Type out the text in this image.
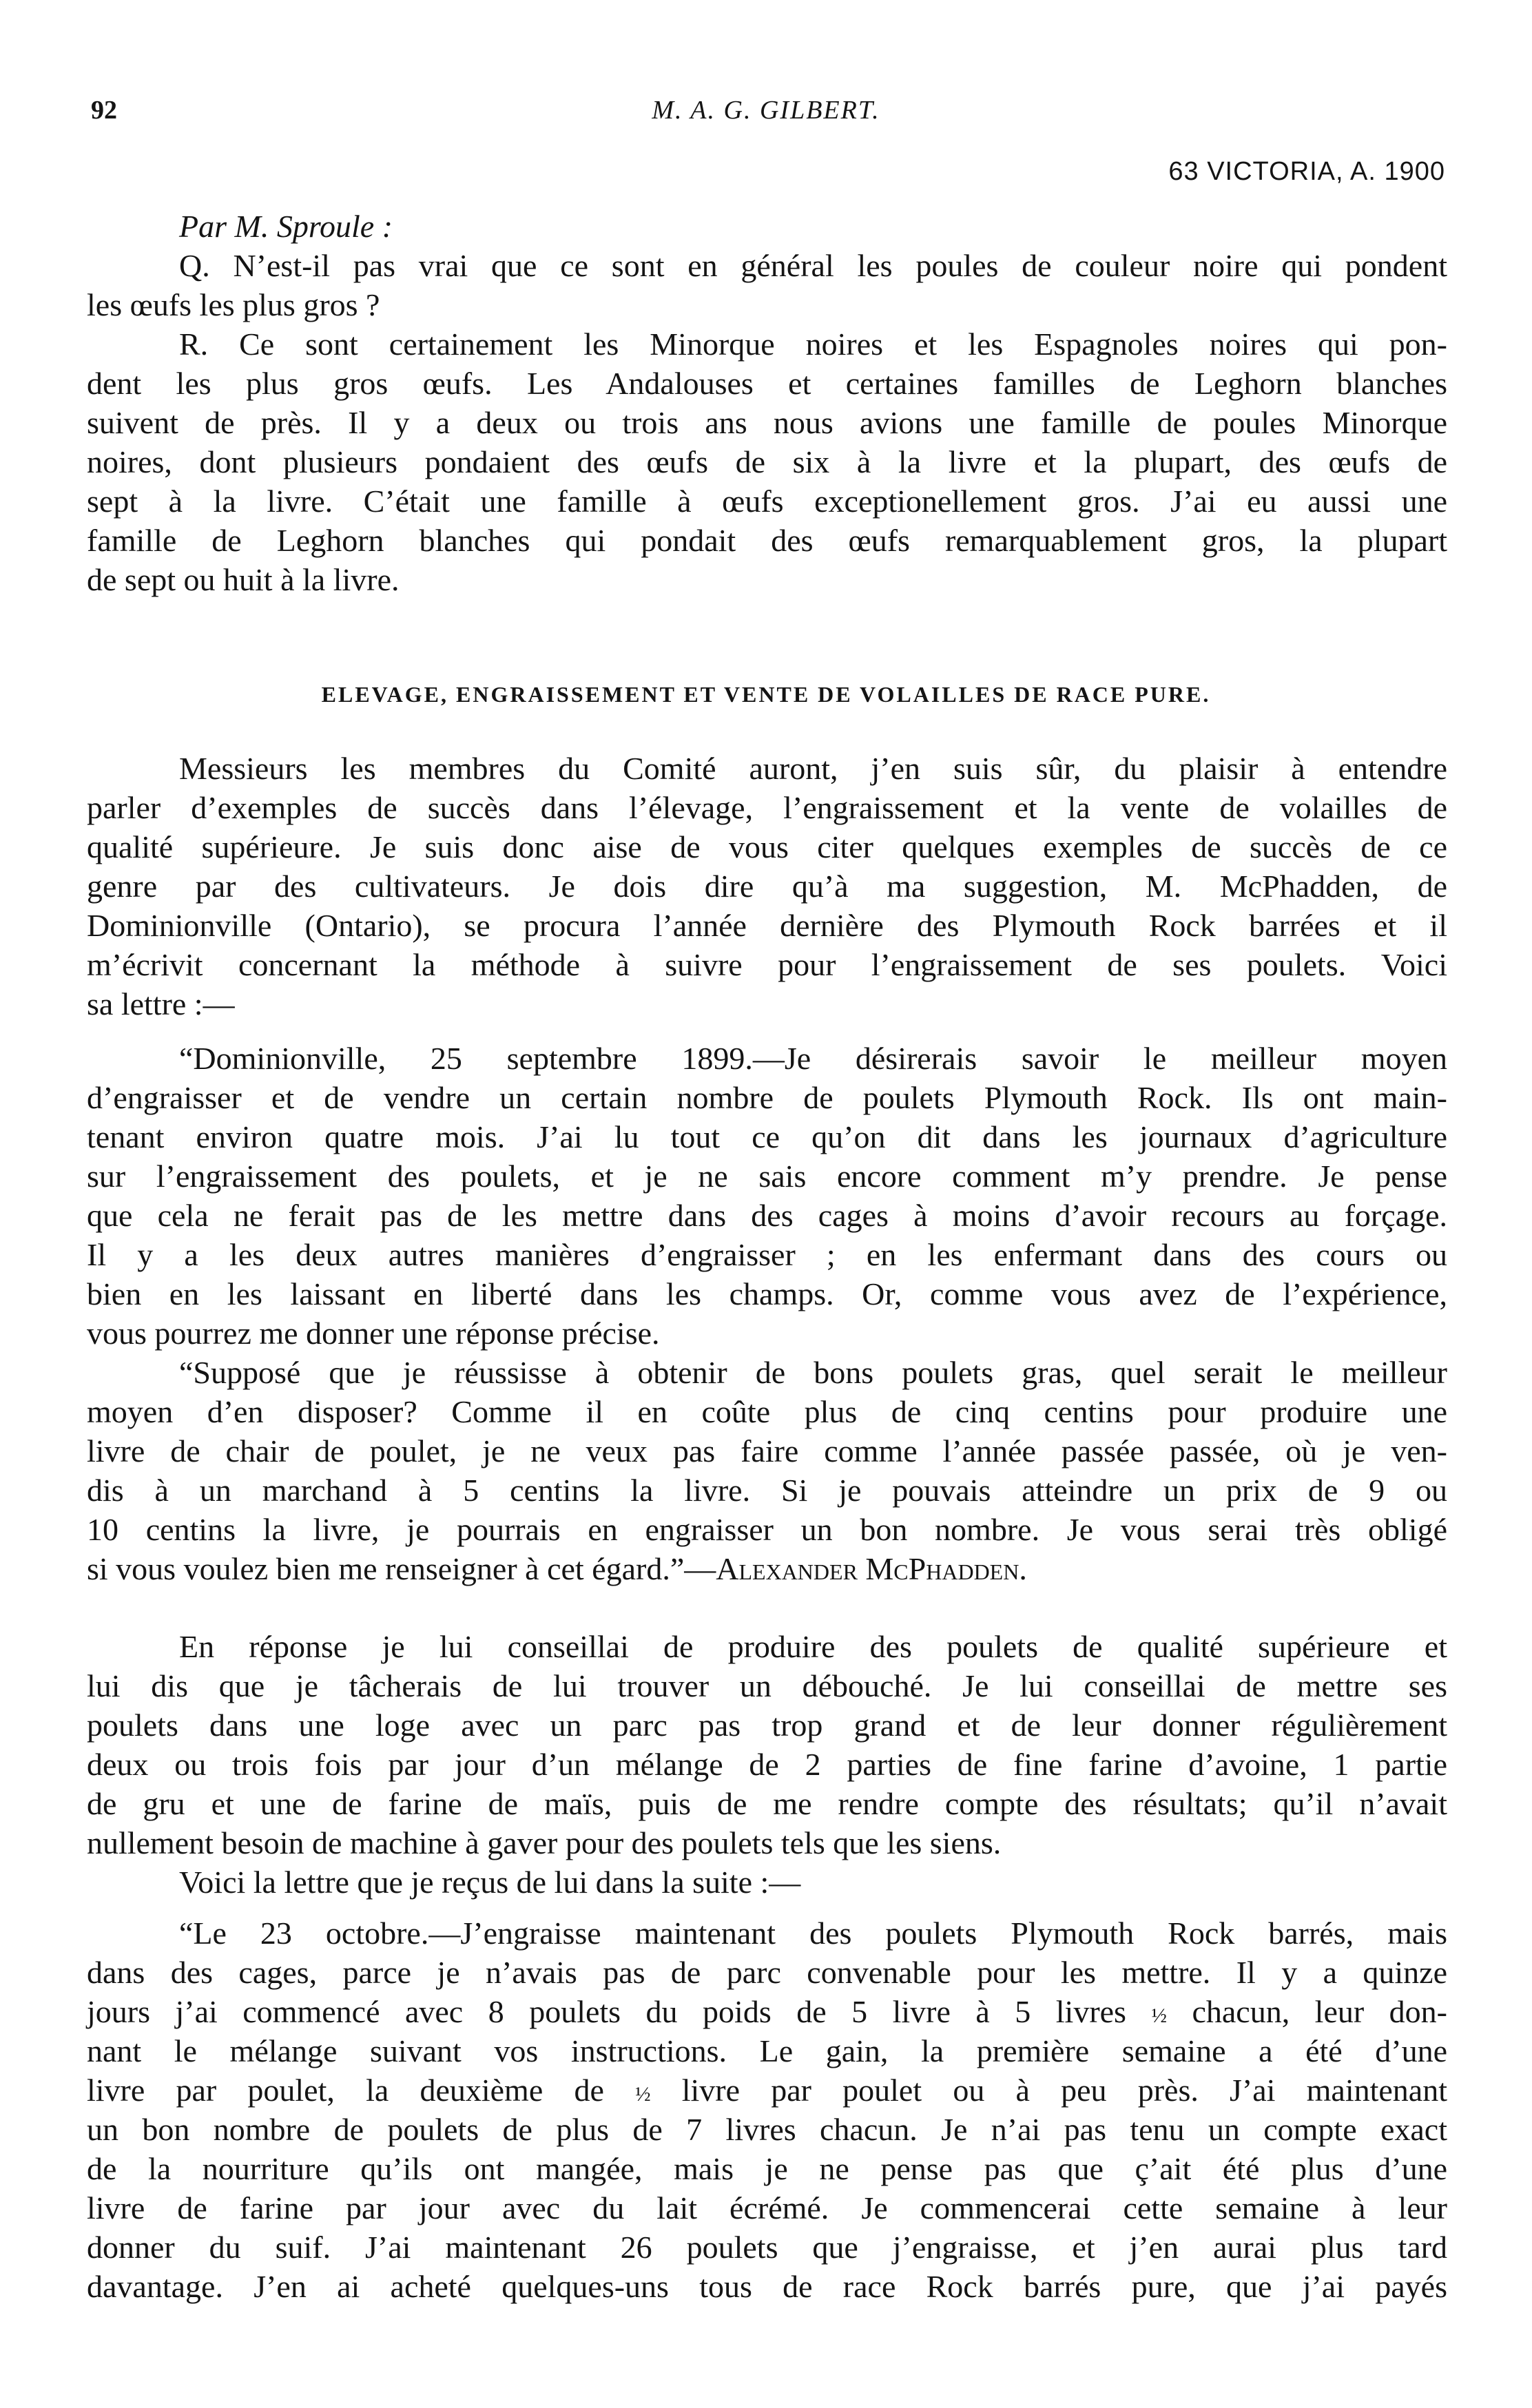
92	M. A. G. GILBERT.
63 VICTORIA, A. 1900
Par M. Sproule :
Q. N’est-il pas vrai que ce sont en général les poules de couleur noire qui pondent
les œufs les plus gros ?
R. Ce sont certainement les Minorque noires et les Espagnoles noires qui pon-
dent les plus gros œufs. Les Andalouses et certaines familles de Leghorn blanches
suivent de près. Il y a deux ou trois ans nous avions une famille de poules Minorque
noires, dont plusieurs pondaient des œufs de six à la livre et la plupart, des œufs de
sept à la livre. C’était une famille à œufs exceptionellement gros. J’ai eu aussi une
famille de Leghorn blanches qui pondait des œufs remarquablement gros, la plupart
de sept ou huit à la livre.
ELEVAGE, ENGRAISSEMENT ET VENTE DE VOLAILLES DE RACE PURE.
Messieurs les membres du Comité auront, j’en suis sûr, du plaisir à entendre
parler d’exemples de succès dans l’élevage, l’engraissement et la vente de volailles de
qualité supérieure. Je suis donc aise de vous citer quelques exemples de succès de ce
genre par des cultivateurs. Je dois dire qu’à ma suggestion, M. McPhadden, de
Dominionville (Ontario), se procura l’année dernière des Plymouth Rock barrées et il
m’écrivit concernant la méthode à suivre pour l’engraissement de ses poulets. Voici
sa lettre :—
“Dominionville, 25 septembre 1899.—Je désirerais savoir le meilleur moyen
d’engraisser et de vendre un certain nombre de poulets Plymouth Rock. Ils ont main-
tenant environ quatre mois. J’ai lu tout ce qu’on dit dans les journaux d’agriculture
sur l’engraissement des poulets, et je ne sais encore comment m’y prendre. Je pense
que cela ne ferait pas de les mettre dans des cages à moins d’avoir recours au forçage.
Il y a les deux autres manières d’engraisser ; en les enfermant dans des cours ou
bien en les laissant en liberté dans les champs. Or, comme vous avez de l’expérience,
vous pourrez me donner une réponse précise.
“Supposé que je réussisse à obtenir de bons poulets gras, quel serait le meilleur
moyen d’en disposer? Comme il en coûte plus de cinq centins pour produire une
livre de chair de poulet, je ne veux pas faire comme l’année passée passée, où je ven-
dis à un marchand à 5 centins la livre. Si je pouvais atteindre un prix de 9 ou
10 centins la livre, je pourrais en engraisser un bon nombre. Je vous serai très obligé
si vous voulez bien me renseigner à cet égard.”—Alexander McPhadden.
En réponse je lui conseillai de produire des poulets de qualité supérieure et
lui dis que je tâcherais de lui trouver un débouché. Je lui conseillai de mettre ses
poulets dans une loge avec un parc pas trop grand et de leur donner régulièrement
deux ou trois fois par jour d’un mélange de 2 parties de fine farine d’avoine, 1 partie
de gru et une de farine de maïs, puis de me rendre compte des résultats; qu’il n’avait
nullement besoin de machine à gaver pour des poulets tels que les siens.
Voici la lettre que je reçus de lui dans la suite :—
“Le 23 octobre.—J’engraisse maintenant des poulets Plymouth Rock barrés, mais
dans des cages, parce je n’avais pas de parc convenable pour les mettre. Il y a quinze
jours j’ai commencé avec 8 poulets du poids de 5 livre à 5 livres ½ chacun, leur don-
nant le mélange suivant vos instructions. Le gain, la première semaine a été d’une
livre par poulet, la deuxième de ½ livre par poulet ou à peu près. J’ai maintenant
un bon nombre de poulets de plus de 7 livres chacun. Je n’ai pas tenu un compte exact
de la nourriture qu’ils ont mangée, mais je ne pense pas que ç’ait été plus d’une
livre de farine par jour avec du lait écrémé. Je commencerai cette semaine à leur
donner du suif. J’ai maintenant 26 poulets que j’engraisse, et j’en aurai plus tard
davantage. J’en ai acheté quelques-uns tous de race Rock barrés pure, que j’ai payés
